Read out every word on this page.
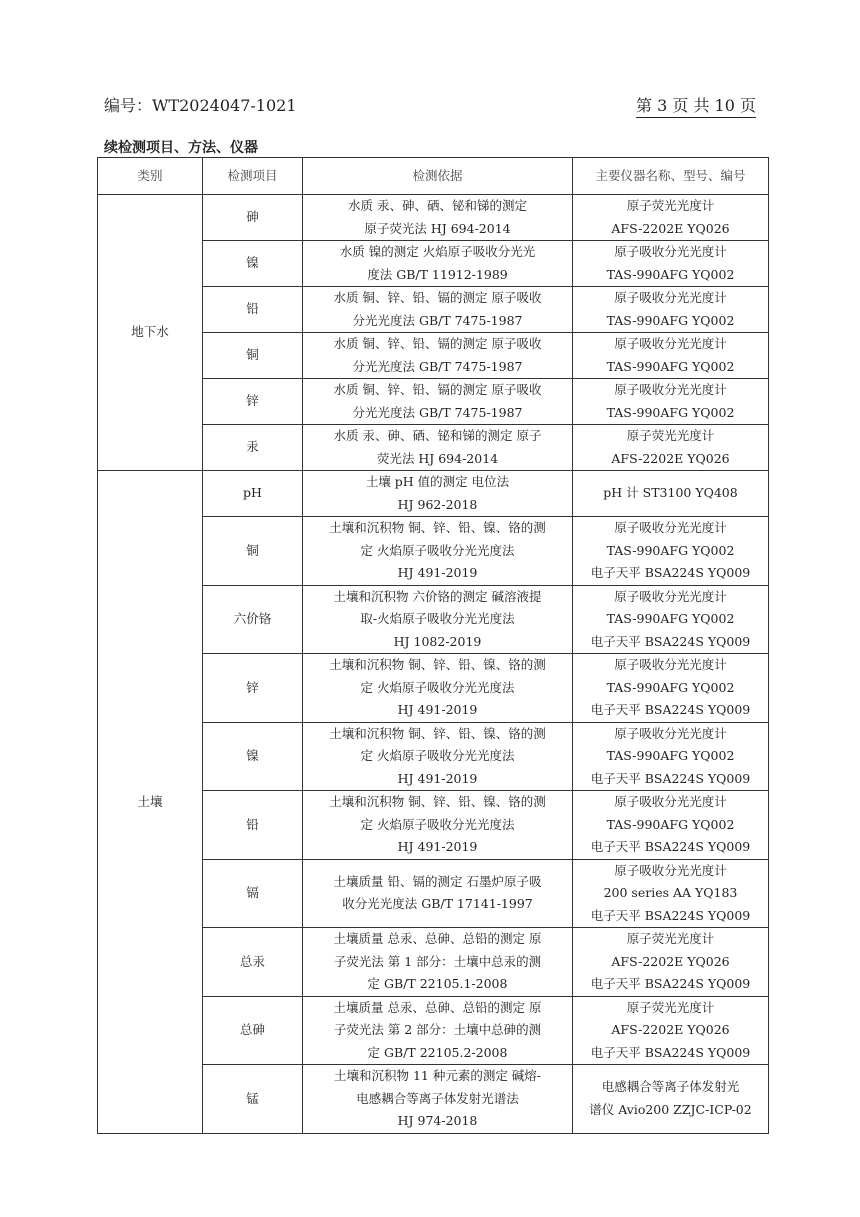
编号：WT2024047-1021	第 3 页 共 10 页
续检测项目、方法、仪器
类别	检测项目	检测依据	主要仪器名称、型号、编号
地下水	砷	水质 汞、砷、硒、铋和锑的测定
原子荧光法 HJ 694-2014	原子荧光光度计
AFS-2202E YQ026

	镍	水质 镍的测定 火焰原子吸收分光光
度法 GB/T 11912-1989	原子吸收分光光度计
TAS-990AFG YQ002

	铅	水质 铜、锌、铅、镉的测定 原子吸收
分光光度法 GB/T 7475-1987	原子吸收分光光度计
TAS-990AFG YQ002

	铜	水质 铜、锌、铅、镉的测定 原子吸收
分光光度法 GB/T 7475-1987	原子吸收分光光度计
TAS-990AFG YQ002

	锌	水质 铜、锌、铅、镉的测定 原子吸收
分光光度法 GB/T 7475-1987	原子吸收分光光度计
TAS-990AFG YQ002

	汞	水质 汞、砷、硒、铋和锑的测定 原子
荧光法 HJ 694-2014	原子荧光光度计
AFS-2202E YQ026

土壤	pH	土壤 pH 值的测定 电位法
HJ 962-2018	pH 计 ST3100 YQ408

	铜	土壤和沉积物 铜、锌、铅、镍、铬的测
定 火焰原子吸收分光光度法
HJ 491-2019	原子吸收分光光度计
TAS-990AFG YQ002
电子天平 BSA224S YQ009

	六价铬	土壤和沉积物 六价铬的测定 碱溶液提
取-火焰原子吸收分光光度法
HJ 1082-2019	原子吸收分光光度计
TAS-990AFG YQ002
电子天平 BSA224S YQ009

	锌	土壤和沉积物 铜、锌、铅、镍、铬的测
定 火焰原子吸收分光光度法
HJ 491-2019	原子吸收分光光度计
TAS-990AFG YQ002
电子天平 BSA224S YQ009

	镍	土壤和沉积物 铜、锌、铅、镍、铬的测
定 火焰原子吸收分光光度法
HJ 491-2019	原子吸收分光光度计
TAS-990AFG YQ002
电子天平 BSA224S YQ009

	铅	土壤和沉积物 铜、锌、铅、镍、铬的测
定 火焰原子吸收分光光度法
HJ 491-2019	原子吸收分光光度计
TAS-990AFG YQ002
电子天平 BSA224S YQ009

	镉	土壤质量 铅、镉的测定 石墨炉原子吸
收分光光度法 GB/T 17141-1997	原子吸收分光光度计
200 series AA YQ183
电子天平 BSA224S YQ009

	总汞	土壤质量 总汞、总砷、总铅的测定 原
子荧光法 第 1 部分：土壤中总汞的测
定 GB/T 22105.1-2008	原子荧光光度计
AFS-2202E YQ026
电子天平 BSA224S YQ009

	总砷	土壤质量 总汞、总砷、总铅的测定 原
子荧光法 第 2 部分：土壤中总砷的测
定 GB/T 22105.2-2008	原子荧光光度计
AFS-2202E YQ026
电子天平 BSA224S YQ009

	锰	土壤和沉积物 11 种元素的测定 碱熔-
电感耦合等离子体发射光谱法
HJ 974-2018	电感耦合等离子体发射光
谱仪 Avio200 ZZJC-ICP-02
